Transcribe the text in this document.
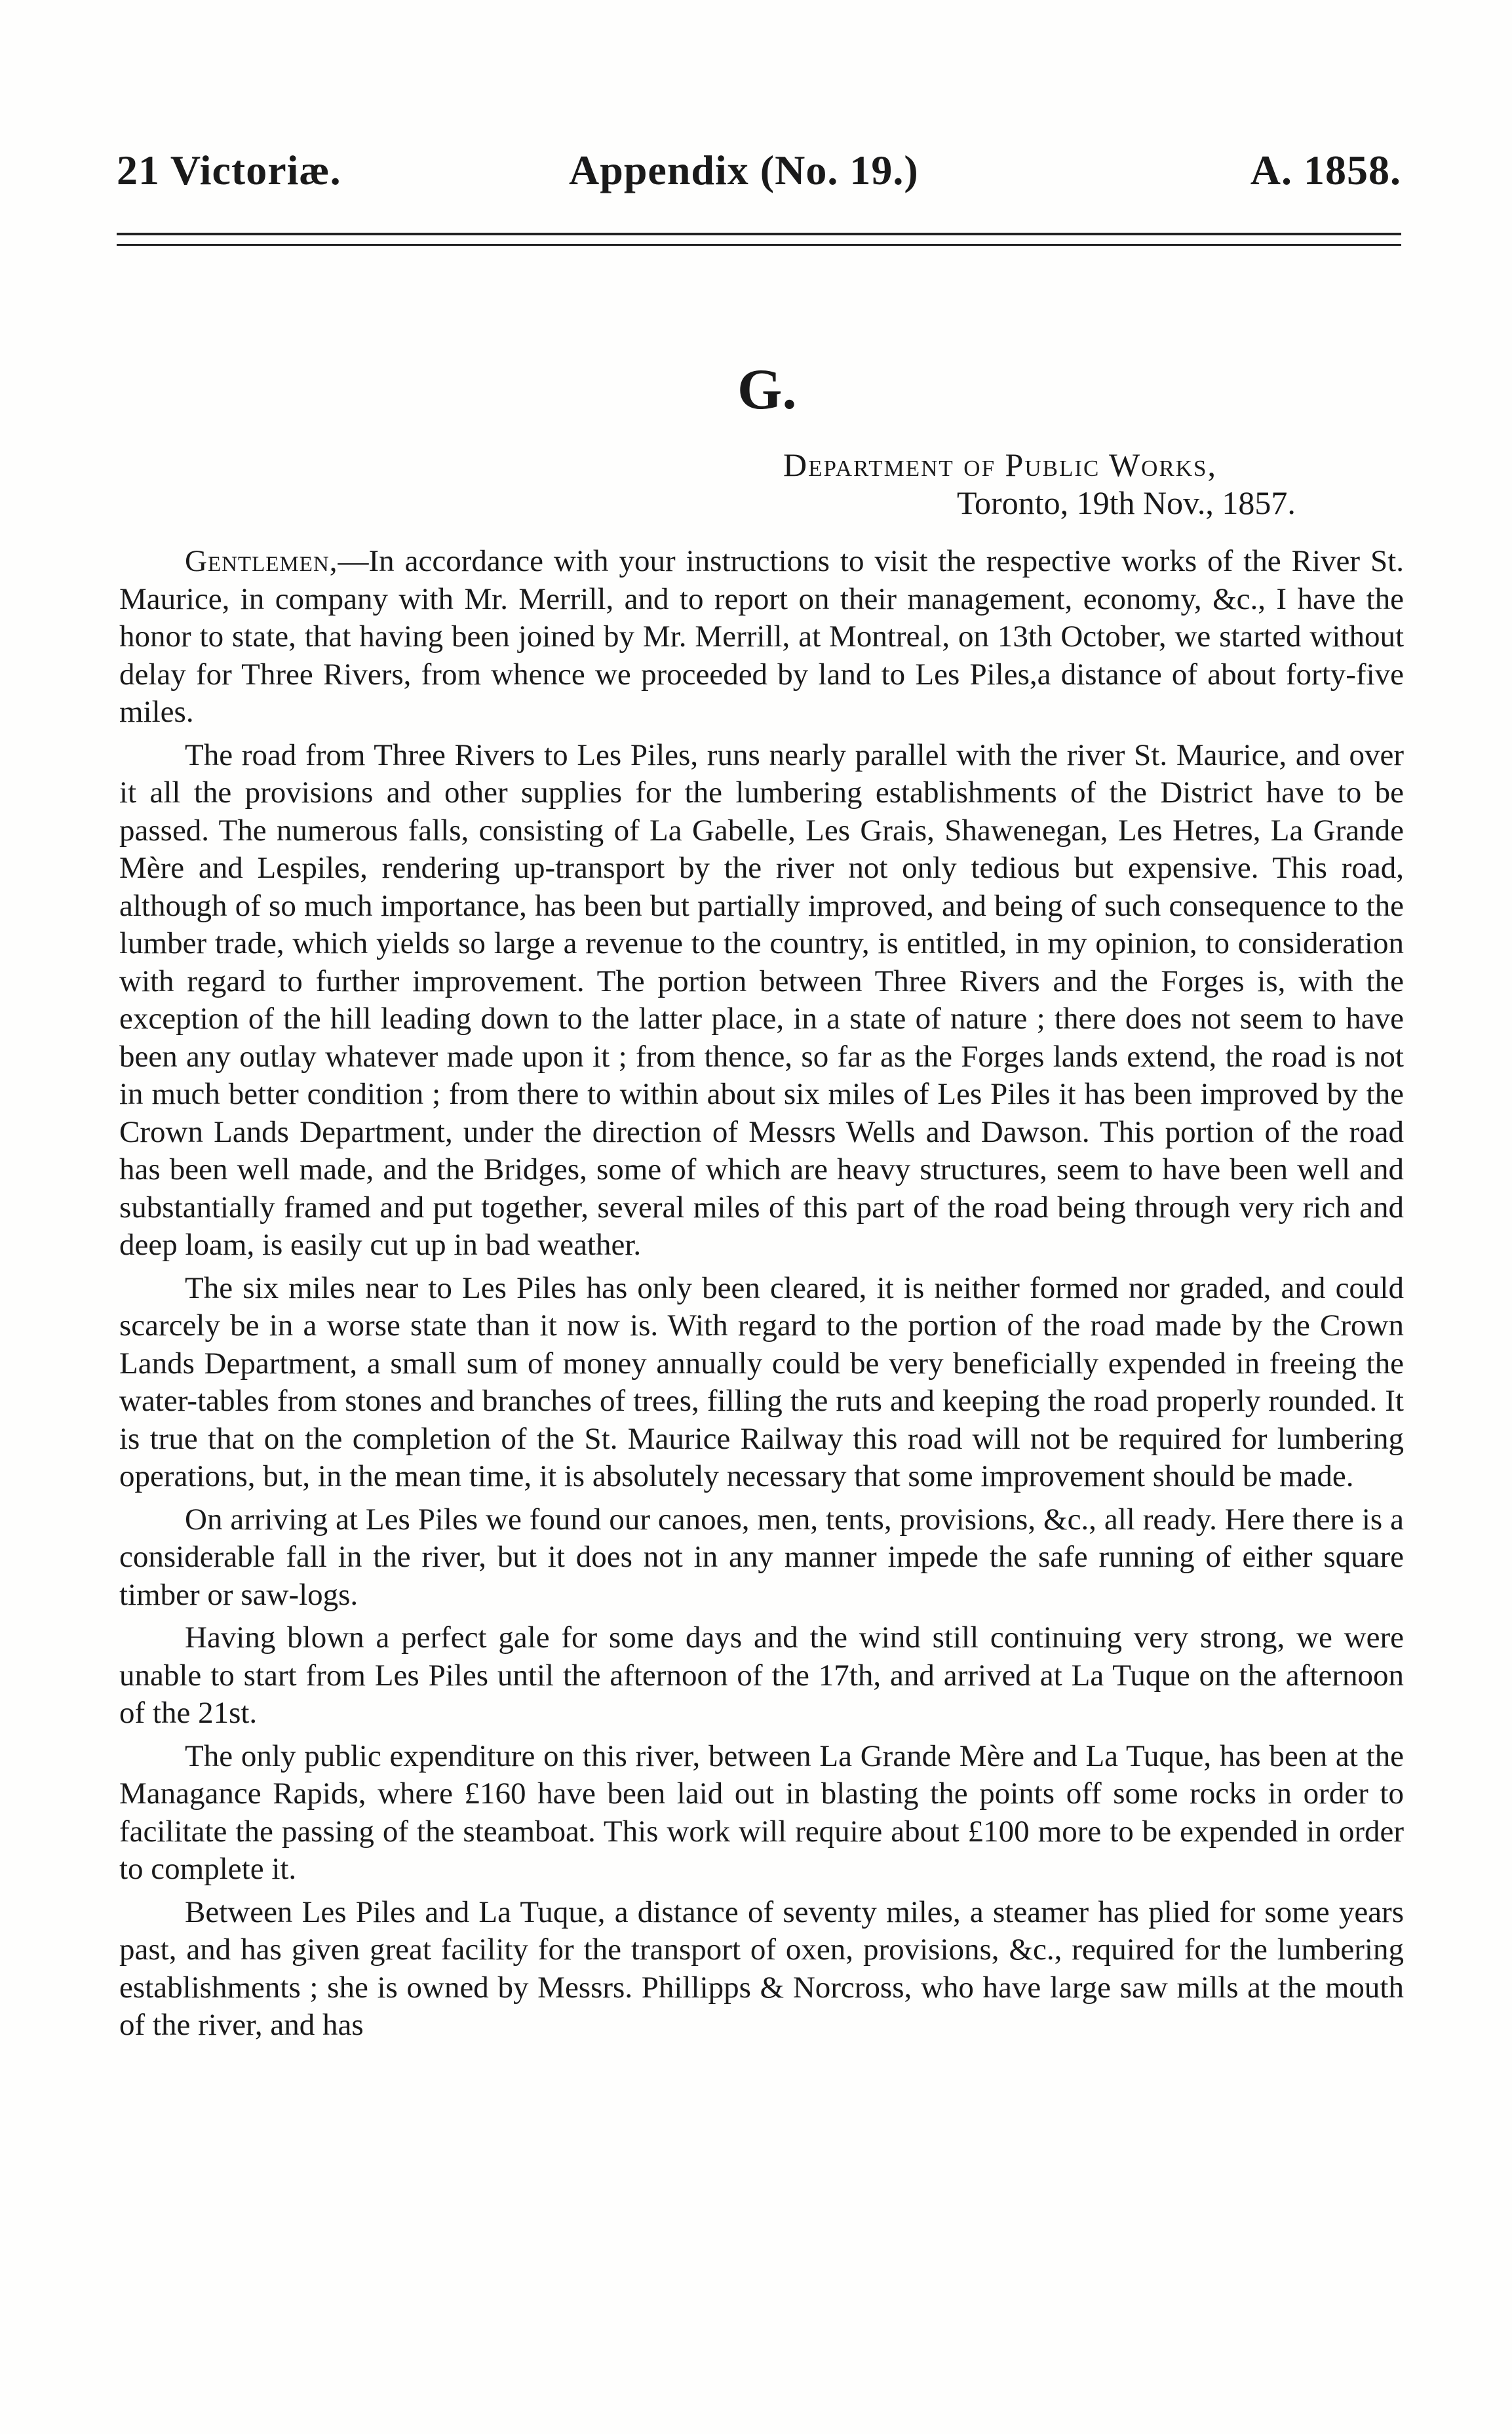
21 Victoriæ.	Appendix (No. 19.)	A. 1858.
G.
Department of Public Works,
Toronto, 19th Nov., 1857.

Gentlemen,—In accordance with your instructions to visit the respective works of the River St. Maurice, in company with Mr. Merrill, and to report on their management, economy, &c., I have the honor to state, that having been joined by Mr. Merrill, at Montreal, on 13th October, we started without delay for Three Rivers, from whence we proceeded by land to Les Piles,a distance of about forty-five miles.

The road from Three Rivers to Les Piles, runs nearly parallel with the river St. Maurice, and over it all the provisions and other supplies for the lumbering establishments of the District have to be passed. The numerous falls, consisting of La Gabelle, Les Grais, Shawenegan, Les Hetres, La Grande Mère and Lespiles, rendering up-transport by the river not only tedious but expensive. This road, although of so much importance, has been but partially improved, and being of such consequence to the lumber trade, which yields so large a revenue to the country, is entitled, in my opinion, to consideration with regard to further improvement. The portion between Three Rivers and the Forges is, with the exception of the hill leading down to the latter place, in a state of nature ; there does not seem to have been any outlay whatever made upon it ; from thence, so far as the Forges lands extend, the road is not in much better condition ; from there to within about six miles of Les Piles it has been improved by the Crown Lands Department, under the direction of Messrs Wells and Dawson. This portion of the road has been well made, and the Bridges, some of which are heavy structures, seem to have been well and substantially framed and put together, several miles of this part of the road being through very rich and deep loam, is easily cut up in bad weather.

The six miles near to Les Piles has only been cleared, it is neither formed nor graded, and could scarcely be in a worse state than it now is. With regard to the portion of the road made by the Crown Lands Department, a small sum of money annually could be very beneficially expended in freeing the water-tables from stones and branches of trees, filling the ruts and keeping the road properly rounded. It is true that on the completion of the St. Maurice Railway this road will not be required for lumbering operations, but, in the mean time, it is absolutely necessary that some improvement should be made.

On arriving at Les Piles we found our canoes, men, tents, provisions, &c., all ready. Here there is a considerable fall in the river, but it does not in any manner impede the safe running of either square timber or saw-logs.

Having blown a perfect gale for some days and the wind still continuing very strong, we were unable to start from Les Piles until the afternoon of the 17th, and arrived at La Tuque on the afternoon of the 21st.

The only public expenditure on this river, between La Grande Mère and La Tuque, has been at the Managance Rapids, where £160 have been laid out in blasting the points off some rocks in order to facilitate the passing of the steamboat. This work will require about £100 more to be expended in order to complete it.

Between Les Piles and La Tuque, a distance of seventy miles, a steamer has plied for some years past, and has given great facility for the transport of oxen, provisions, &c., required for the lumbering establishments ; she is owned by Messrs. Phillipps & Norcross, who have large saw mills at the mouth of the river, and has
